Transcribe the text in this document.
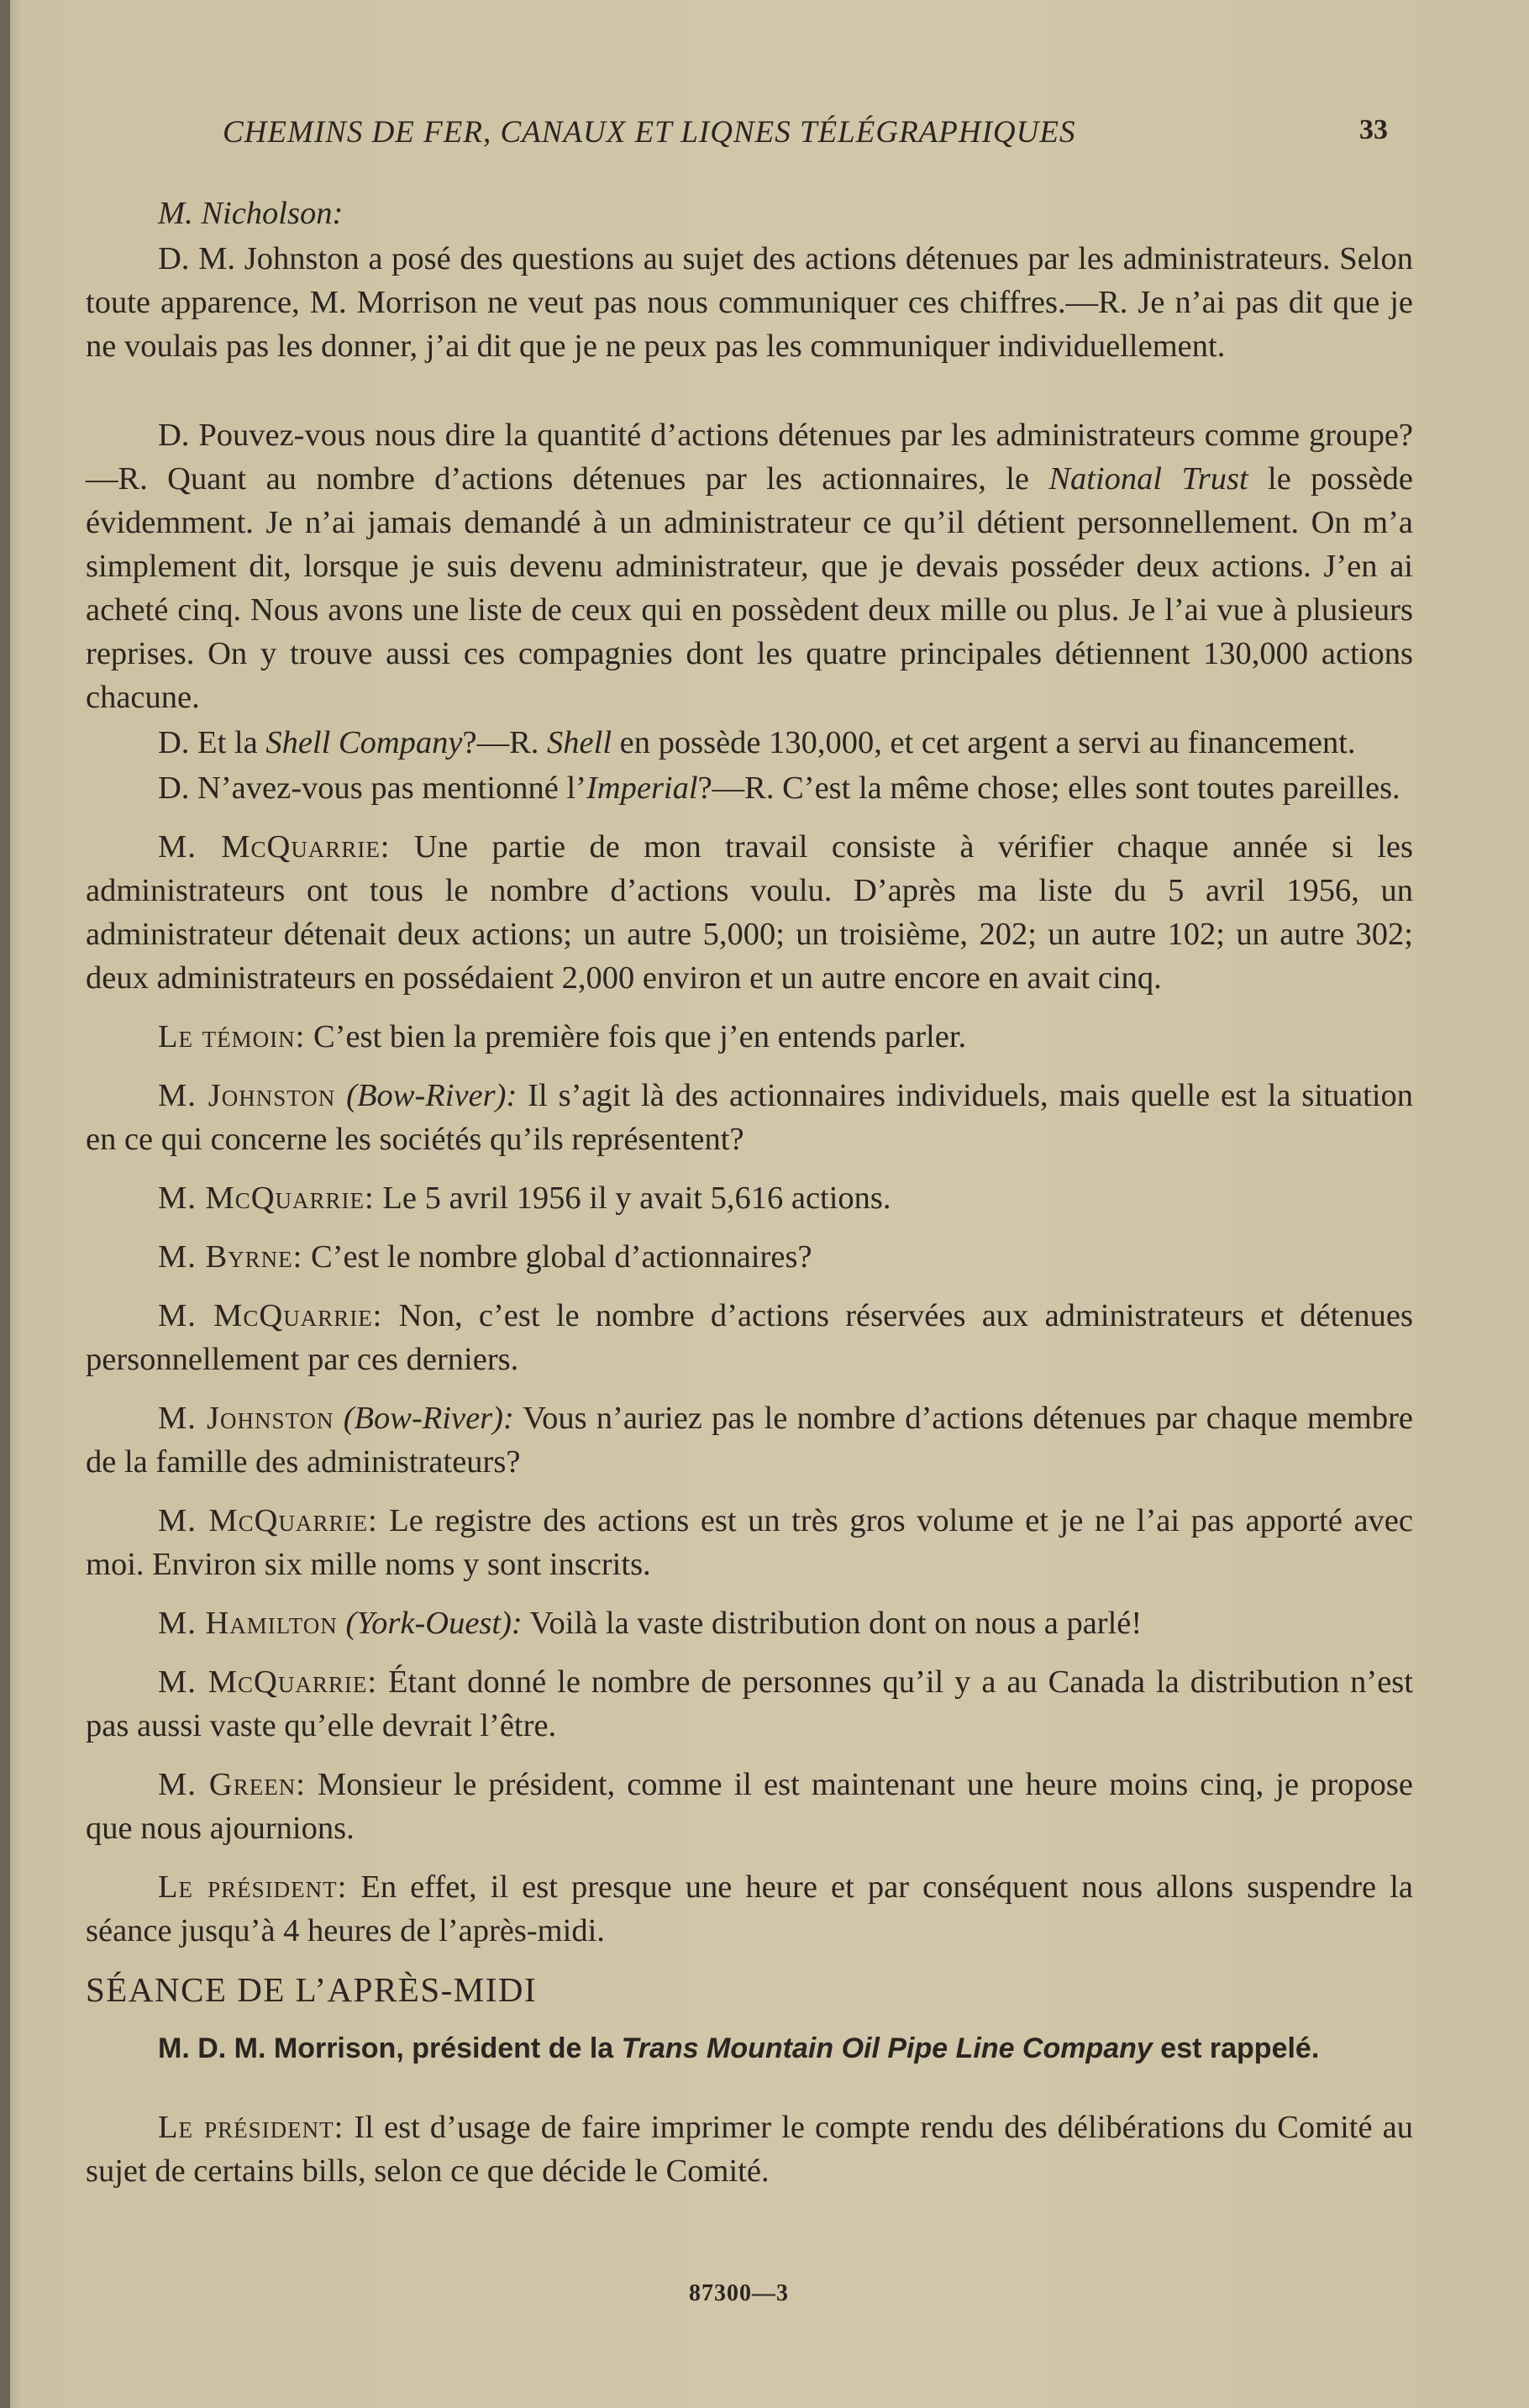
CHEMINS DE FER, CANAUX ET LIQNES TÉLÉGRAPHIQUES	33

M. Nicholson:

D. M. Johnston a posé des questions au sujet des actions détenues par les administrateurs. Selon toute apparence, M. Morrison ne veut pas nous communiquer ces chiffres.—R. Je n’ai pas dit que je ne voulais pas les donner, j’ai dit que je ne peux pas les communiquer individuellement.

D. Pouvez-vous nous dire la quantité d’actions détenues par les administrateurs comme groupe?—R. Quant au nombre d’actions détenues par les actionnaires, le National Trust le possède évidemment. Je n’ai jamais demandé à un administrateur ce qu’il détient personnellement. On m’a simplement dit, lorsque je suis devenu administrateur, que je devais posséder deux actions. J’en ai acheté cinq. Nous avons une liste de ceux qui en possèdent deux mille ou plus. Je l’ai vue à plusieurs reprises. On y trouve aussi ces compagnies dont les quatre principales détiennent 130,000 actions chacune.

D. Et la Shell Company?—R. Shell en possède 130,000, et cet argent a servi au financement.

D. N’avez-vous pas mentionné l’Imperial?—R. C’est la même chose; elles sont toutes pareilles.

M. McQuarrie: Une partie de mon travail consiste à vérifier chaque année si les administrateurs ont tous le nombre d’actions voulu. D’après ma liste du 5 avril 1956, un administrateur détenait deux actions; un autre 5,000; un troisième, 202; un autre 102; un autre 302; deux administrateurs en possédaient 2,000 environ et un autre encore en avait cinq.

Le témoin: C’est bien la première fois que j’en entends parler.

M. Johnston (Bow-River): Il s’agit là des actionnaires individuels, mais quelle est la situation en ce qui concerne les sociétés qu’ils représentent?

M. McQuarrie: Le 5 avril 1956 il y avait 5,616 actions.

M. Byrne: C’est le nombre global d’actionnaires?

M. McQuarrie: Non, c’est le nombre d’actions réservées aux administrateurs et détenues personnellement par ces derniers.

M. Johnston (Bow-River): Vous n’auriez pas le nombre d’actions détenues par chaque membre de la famille des administrateurs?

M. McQuarrie: Le registre des actions est un très gros volume et je ne l’ai pas apporté avec moi. Environ six mille noms y sont inscrits.

M. Hamilton (York-Ouest): Voilà la vaste distribution dont on nous a parlé!

M. McQuarrie: Étant donné le nombre de personnes qu’il y a au Canada la distribution n’est pas aussi vaste qu’elle devrait l’être.

M. Green: Monsieur le président, comme il est maintenant une heure moins cinq, je propose que nous ajournions.

Le président: En effet, il est presque une heure et par conséquent nous allons suspendre la séance jusqu’à 4 heures de l’après-midi.

SÉANCE DE L’APRÈS-MIDI

M. D. M. Morrison, président de la Trans Mountain Oil Pipe Line Company est rappelé.

Le président: Il est d’usage de faire imprimer le compte rendu des délibérations du Comité au sujet de certains bills, selon ce que décide le Comité.

87300—3
